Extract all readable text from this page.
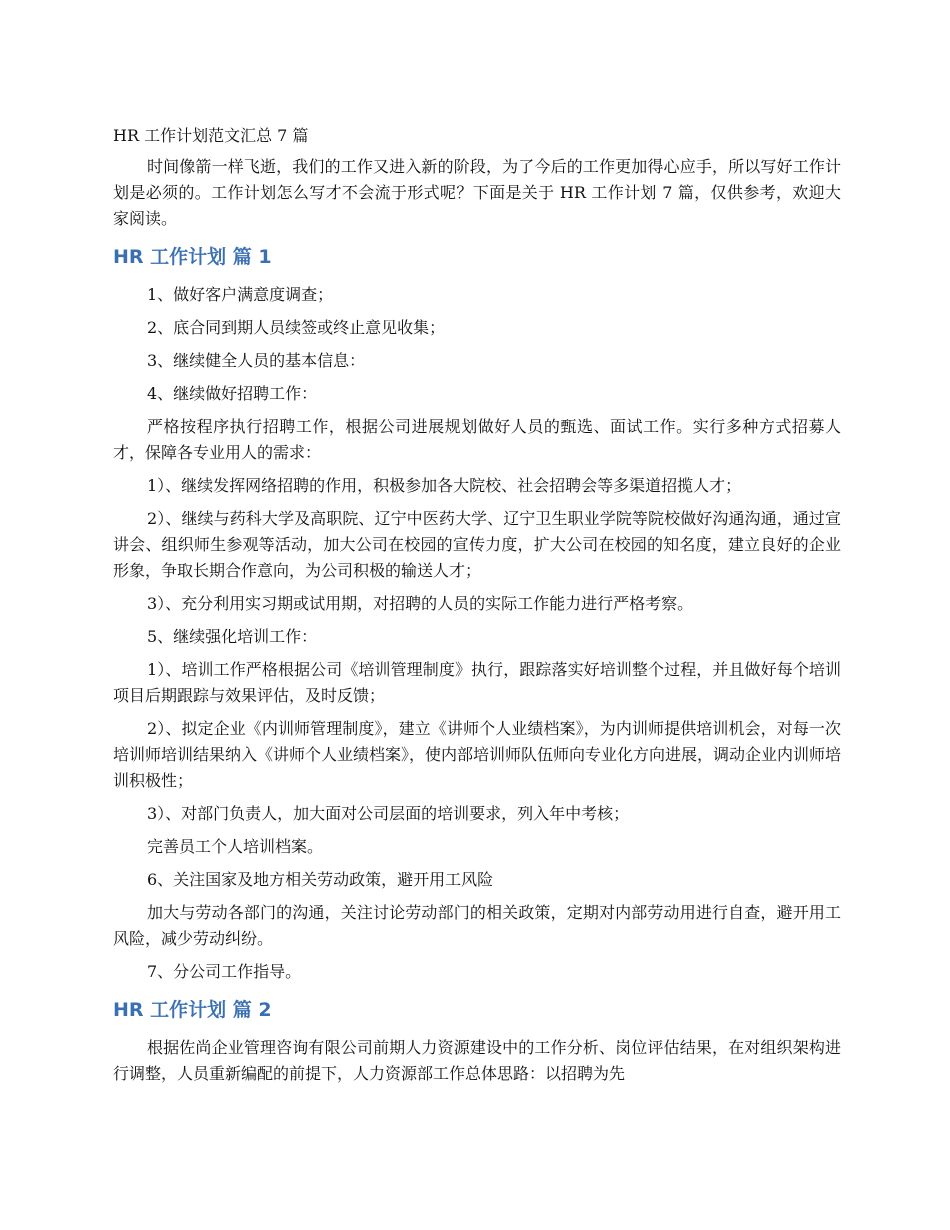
HR 工作计划范文汇总 7 篇

时间像箭一样飞逝，我们的工作又进入新的阶段，为了今后的工作更加得心应手，所以写好工作计划是必须的。工作计划怎么写才不会流于形式呢？下面是关于 HR 工作计划 7 篇，仅供参考，欢迎大家阅读。

HR 工作计划 篇 1

1、做好客户满意度调查；

2、底合同到期人员续签或终止意见收集；

3、继续健全人员的基本信息：

4、继续做好招聘工作：

严格按程序执行招聘工作，根据公司进展规划做好人员的甄选、面试工作。实行多种方式招募人才，保障各专业用人的需求：

1）、继续发挥网络招聘的作用，积极参加各大院校、社会招聘会等多渠道招揽人才；

2）、继续与药科大学及高职院、辽宁中医药大学、辽宁卫生职业学院等院校做好沟通沟通，通过宣讲会、组织师生参观等活动，加大公司在校园的宣传力度，扩大公司在校园的知名度，建立良好的企业形象，争取长期合作意向，为公司积极的输送人才；

3）、充分利用实习期或试用期，对招聘的人员的实际工作能力进行严格考察。

5、继续强化培训工作：

1）、培训工作严格根据公司《培训管理制度》执行，跟踪落实好培训整个过程，并且做好每个培训项目后期跟踪与效果评估，及时反馈；

2）、拟定企业《内训师管理制度》，建立《讲师个人业绩档案》，为内训师提供培训机会，对每一次培训师培训结果纳入《讲师个人业绩档案》，使内部培训师队伍师向专业化方向进展，调动企业内训师培训积极性；

3）、对部门负责人，加大面对公司层面的培训要求，列入年中考核；

完善员工个人培训档案。

6、关注国家及地方相关劳动政策，避开用工风险

加大与劳动各部门的沟通，关注讨论劳动部门的相关政策，定期对内部劳动用进行自查，避开用工风险，减少劳动纠纷。

7、分公司工作指导。

HR 工作计划 篇 2

根据佐尚企业管理咨询有限公司前期人力资源建设中的工作分析、岗位评估结果，在对组织架构进行调整，人员重新编配的前提下，人力资源部工作总体思路：以招聘为先
